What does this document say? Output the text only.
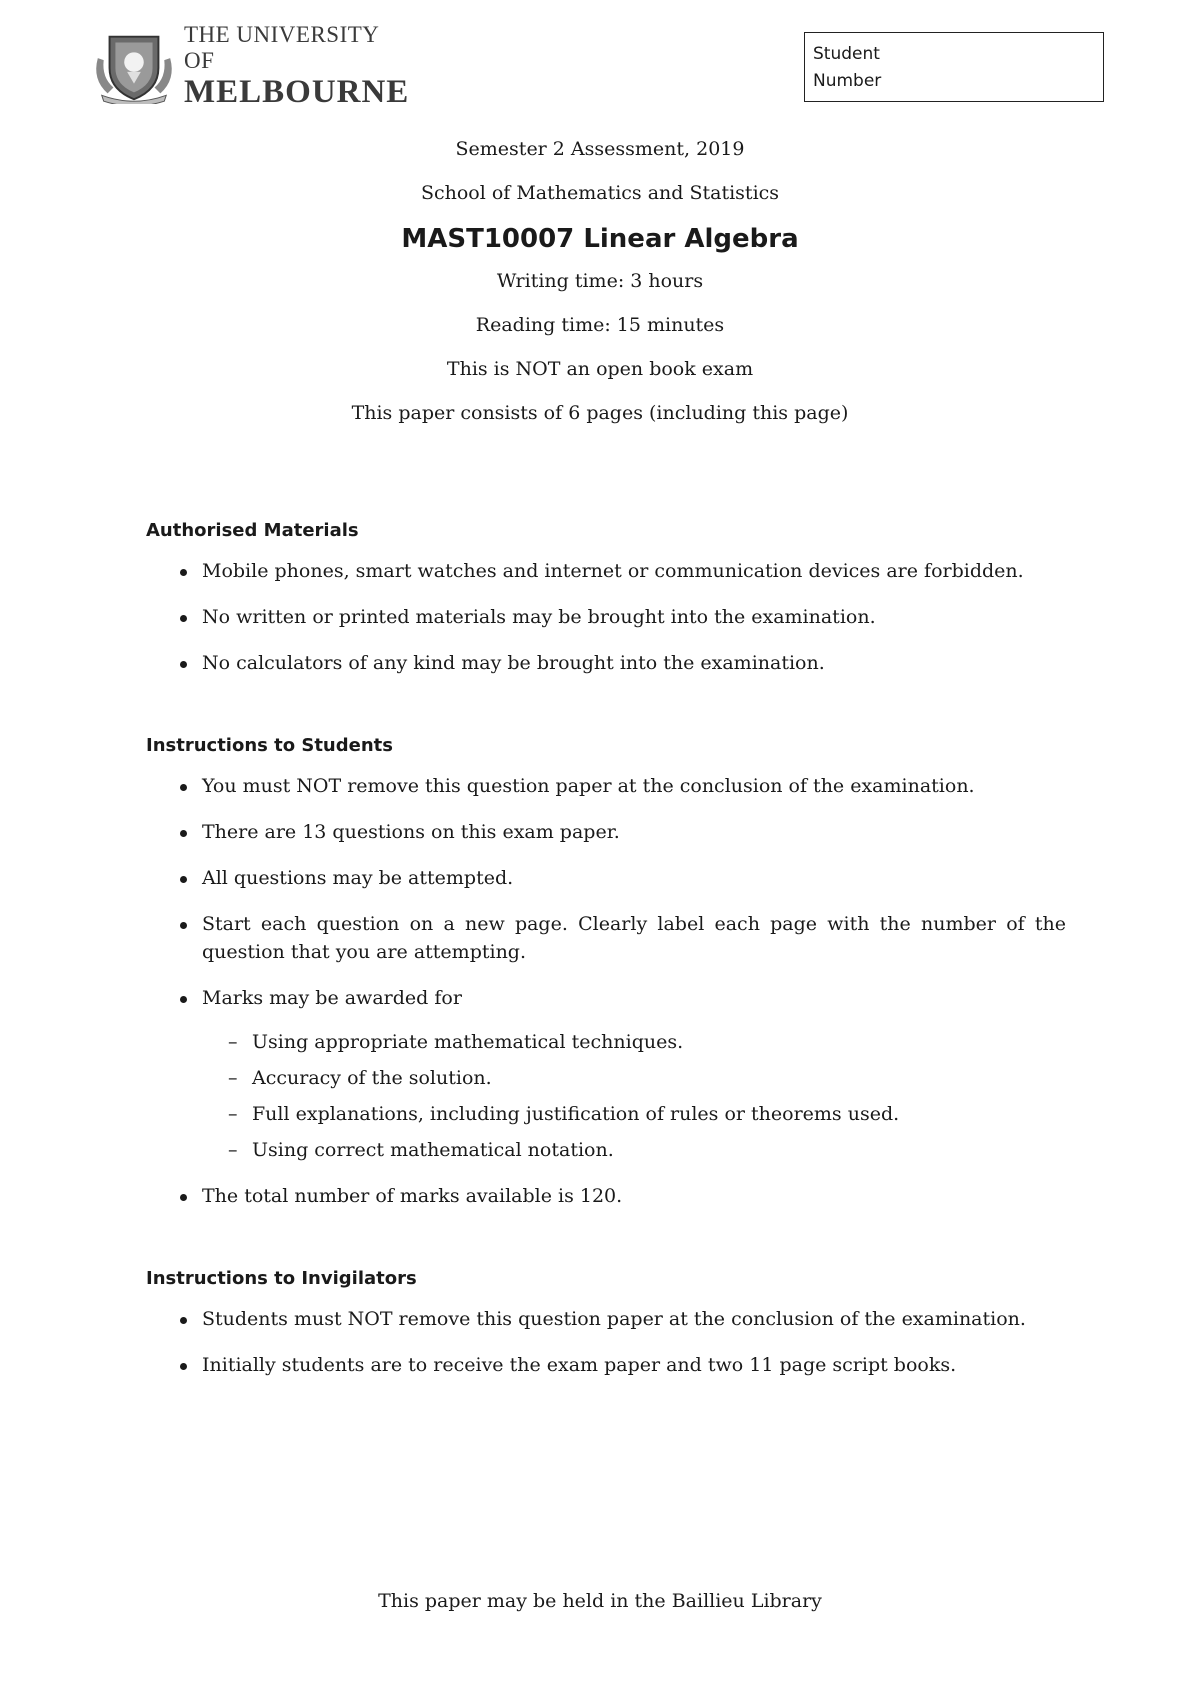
THE UNIVERSITY OF
MELBOURNE
Student
Number
Semester 2 Assessment, 2019
School of Mathematics and Statistics
MAST10007 Linear Algebra
Writing time: 3 hours
Reading time: 15 minutes
This is NOT an open book exam
This paper consists of 6 pages (including this page)
Authorised Materials
Mobile phones, smart watches and internet or communication devices are forbidden.
No written or printed materials may be brought into the examination.
No calculators of any kind may be brought into the examination.
Instructions to Students
You must NOT remove this question paper at the conclusion of the examination.
There are 13 questions on this exam paper.
All questions may be attempted.
Start each question on a new page. Clearly label each page with the number of the question that you are attempting.
Marks may be awarded for
– Using appropriate mathematical techniques.
– Accuracy of the solution.
– Full explanations, including justification of rules or theorems used.
– Using correct mathematical notation.
The total number of marks available is 120.
Instructions to Invigilators
Students must NOT remove this question paper at the conclusion of the examination.
Initially students are to receive the exam paper and two 11 page script books.
This paper may be held in the Baillieu Library
